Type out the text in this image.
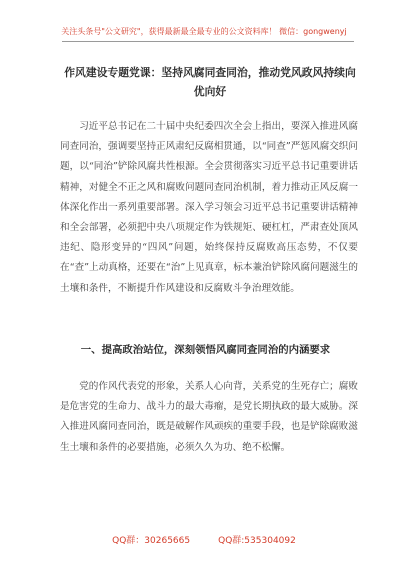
关注头条号"公文研究"，获得最新最全最专业的公文资料库！ 微信：gongwenyj
作风建设专题党课：坚持风腐同查同治，推动党风政风持续向优向好

习近平总书记在二十届中央纪委四次全会上指出，要深入推进风腐同查同治，强调要坚持正风肃纪反腐相贯通，以“同查”严惩风腐交织问题，以“同治”铲除风腐共性根源。全会贯彻落实习近平总书记重要讲话精神，对健全不正之风和腐败问题同查同治机制，着力推动正风反腐一体深化作出一系列重要部署。深入学习领会习近平总书记重要讲话精神和全会部署，必须把中央八项规定作为铁规矩、硬杠杠，严肃查处顶风违纪、隐形变异的“四风”问题，始终保持反腐败高压态势，不仅要在“查”上动真格，还要在“治”上见真章，标本兼治铲除风腐问题滋生的土壤和条件，不断提升作风建设和反腐败斗争治理效能。

一、提高政治站位，深刻领悟风腐同查同治的内涵要求

党的作风代表党的形象，关系人心向背，关系党的生死存亡；腐败是危害党的生命力、战斗力的最大毒瘤，是党长期执政的最大威胁。深入推进风腐同查同治，既是破解作风顽疾的重要手段，也是铲除腐败滋生土壤和条件的必要措施，必须久久为功、绝不松懈。

QQ群：30265665	QQ群:535304092
